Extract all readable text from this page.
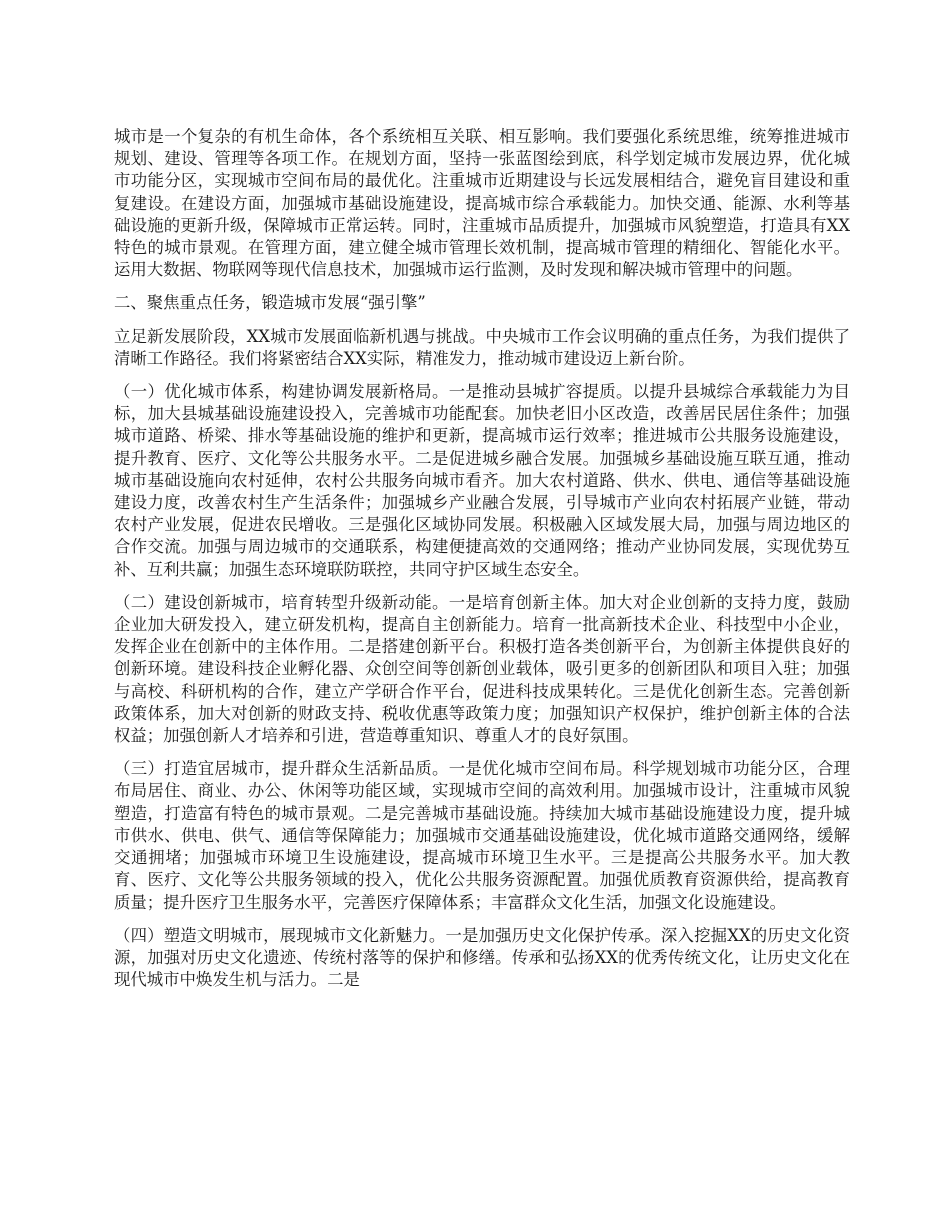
城市是一个复杂的有机生命体，各个系统相互关联、相互影响。我们要强化系统思维，统筹推进城市规划、建设、管理等各项工作。在规划方面，坚持一张蓝图绘到底，科学划定城市发展边界，优化城市功能分区，实现城市空间布局的最优化。注重城市近期建设与长远发展相结合，避免盲目建设和重复建设。在建设方面，加强城市基础设施建设，提高城市综合承载能力。加快交通、能源、水利等基础设施的更新升级，保障城市正常运转。同时，注重城市品质提升，加强城市风貌塑造，打造具有XX特色的城市景观。在管理方面，建立健全城市管理长效机制，提高城市管理的精细化、智能化水平。运用大数据、物联网等现代信息技术，加强城市运行监测，及时发现和解决城市管理中的问题。

二、聚焦重点任务，锻造城市发展“强引擎”

立足新发展阶段，XX城市发展面临新机遇与挑战。中央城市工作会议明确的重点任务，为我们提供了清晰工作路径。我们将紧密结合XX实际，精准发力，推动城市建设迈上新台阶。

（一）优化城市体系，构建协调发展新格局。一是推动县城扩容提质。以提升县城综合承载能力为目标，加大县城基础设施建设投入，完善城市功能配套。加快老旧小区改造，改善居民居住条件；加强城市道路、桥梁、排水等基础设施的维护和更新，提高城市运行效率；推进城市公共服务设施建设，提升教育、医疗、文化等公共服务水平。二是促进城乡融合发展。加强城乡基础设施互联互通，推动城市基础设施向农村延伸，农村公共服务向城市看齐。加大农村道路、供水、供电、通信等基础设施建设力度，改善农村生产生活条件；加强城乡产业融合发展，引导城市产业向农村拓展产业链，带动农村产业发展，促进农民增收。三是强化区域协同发展。积极融入区域发展大局，加强与周边地区的合作交流。加强与周边城市的交通联系，构建便捷高效的交通网络；推动产业协同发展，实现优势互补、互利共赢；加强生态环境联防联控，共同守护区域生态安全。

（二）建设创新城市，培育转型升级新动能。一是培育创新主体。加大对企业创新的支持力度，鼓励企业加大研发投入，建立研发机构，提高自主创新能力。培育一批高新技术企业、科技型中小企业，发挥企业在创新中的主体作用。二是搭建创新平台。积极打造各类创新平台，为创新主体提供良好的创新环境。建设科技企业孵化器、众创空间等创新创业载体，吸引更多的创新团队和项目入驻；加强与高校、科研机构的合作，建立产学研合作平台，促进科技成果转化。三是优化创新生态。完善创新政策体系，加大对创新的财政支持、税收优惠等政策力度；加强知识产权保护，维护创新主体的合法权益；加强创新人才培养和引进，营造尊重知识、尊重人才的良好氛围。

（三）打造宜居城市，提升群众生活新品质。一是优化城市空间布局。科学规划城市功能分区，合理布局居住、商业、办公、休闲等功能区域，实现城市空间的高效利用。加强城市设计，注重城市风貌塑造，打造富有特色的城市景观。二是完善城市基础设施。持续加大城市基础设施建设力度，提升城市供水、供电、供气、通信等保障能力；加强城市交通基础设施建设，优化城市道路交通网络，缓解交通拥堵；加强城市环境卫生设施建设，提高城市环境卫生水平。三是提高公共服务水平。加大教育、医疗、文化等公共服务领域的投入，优化公共服务资源配置。加强优质教育资源供给，提高教育质量；提升医疗卫生服务水平，完善医疗保障体系；丰富群众文化生活，加强文化设施建设。

（四）塑造文明城市，展现城市文化新魅力。一是加强历史文化保护传承。深入挖掘XX的历史文化资源，加强对历史文化遗迹、传统村落等的保护和修缮。传承和弘扬XX的优秀传统文化，让历史文化在现代城市中焕发生机与活力。二是
